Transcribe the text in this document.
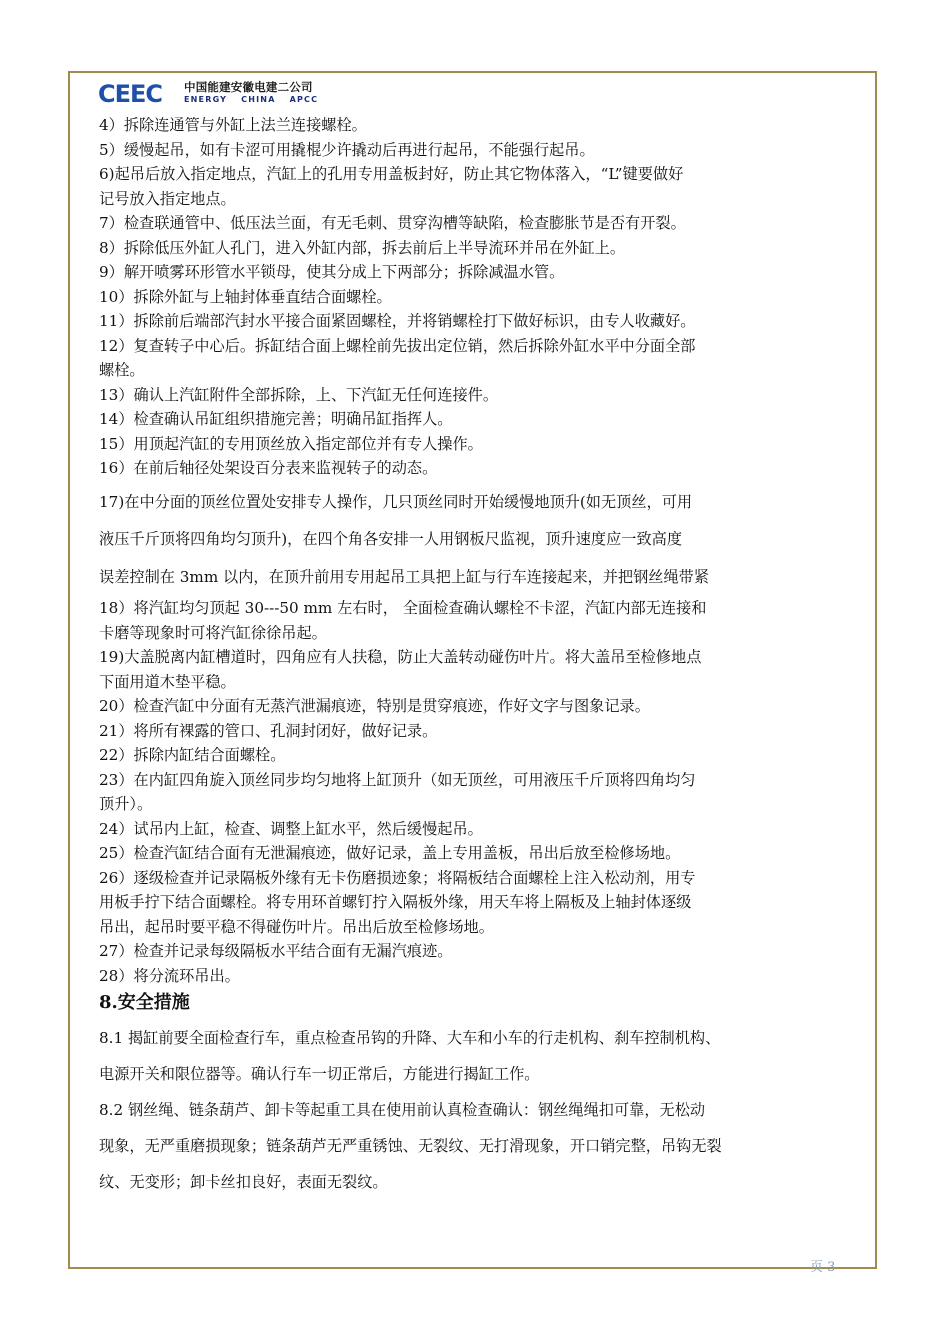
CEEC 中国能建安徽电建二公司
ENERGY CHINA APCC
4）拆除连通管与外缸上法兰连接螺栓。
5）缓慢起吊，如有卡涩可用撬棍少许撬动后再进行起吊，不能强行起吊。
6)起吊后放入指定地点，汽缸上的孔用专用盖板封好，防止其它物体落入，“L”键要做好
记号放入指定地点。
7）检查联通管中、低压法兰面，有无毛刺、贯穿沟槽等缺陷，检查膨胀节是否有开裂。
8）拆除低压外缸人孔门，进入外缸内部，拆去前后上半导流环并吊在外缸上。
9）解开喷雾环形管水平锁母，使其分成上下两部分；拆除减温水管。
10）拆除外缸与上轴封体垂直结合面螺栓。
11）拆除前后端部汽封水平接合面紧固螺栓，并将销螺栓打下做好标识，由专人收藏好。
12）复查转子中心后。拆缸结合面上螺栓前先拔出定位销，然后拆除外缸水平中分面全部
螺栓。
13）确认上汽缸附件全部拆除，上、下汽缸无任何连接件。
14）检查确认吊缸组织措施完善；明确吊缸指挥人。
15）用顶起汽缸的专用顶丝放入指定部位并有专人操作。
16）在前后轴径处架设百分表来监视转子的动态。
17)在中分面的顶丝位置处安排专人操作，几只顶丝同时开始缓慢地顶升(如无顶丝，可用
液压千斤顶将四角均匀顶升)，在四个角各安排一人用钢板尺监视，顶升速度应一致高度
误差控制在 3mm 以内，在顶升前用专用起吊工具把上缸与行车连接起来，并把钢丝绳带紧
18）将汽缸均匀顶起 30---50 mm 左右时， 全面检查确认螺栓不卡涩，汽缸内部无连接和
卡磨等现象时可将汽缸徐徐吊起。
19)大盖脱离内缸槽道时，四角应有人扶稳，防止大盖转动碰伤叶片。将大盖吊至检修地点
下面用道木垫平稳。
20）检查汽缸中分面有无蒸汽泄漏痕迹，特别是贯穿痕迹，作好文字与图象记录。
21）将所有裸露的管口、孔洞封闭好，做好记录。
22）拆除内缸结合面螺栓。
23）在内缸四角旋入顶丝同步均匀地将上缸顶升（如无顶丝，可用液压千斤顶将四角均匀
顶升）。
24）试吊内上缸，检查、调整上缸水平，然后缓慢起吊。
25）检查汽缸结合面有无泄漏痕迹，做好记录，盖上专用盖板，吊出后放至检修场地。
26）逐级检查并记录隔板外缘有无卡伤磨损迹象；将隔板结合面螺栓上注入松动剂，用专
用板手拧下结合面螺栓。将专用环首螺钉拧入隔板外缘，用天车将上隔板及上轴封体逐级
吊出，起吊时要平稳不得碰伤叶片。吊出后放至检修场地。
27）检查并记录每级隔板水平结合面有无漏汽痕迹。
28）将分流环吊出。
8.安全措施
8.1 揭缸前要全面检查行车，重点检查吊钩的升降、大车和小车的行走机构、刹车控制机构、
电源开关和限位器等。确认行车一切正常后，方能进行揭缸工作。
8.2 钢丝绳、链条葫芦、卸卡等起重工具在使用前认真检查确认：钢丝绳绳扣可靠，无松动
现象，无严重磨损现象；链条葫芦无严重锈蚀、无裂纹、无打滑现象，开口销完整，吊钩无裂
纹、无变形；卸卡丝扣良好，表面无裂纹。
页 3
